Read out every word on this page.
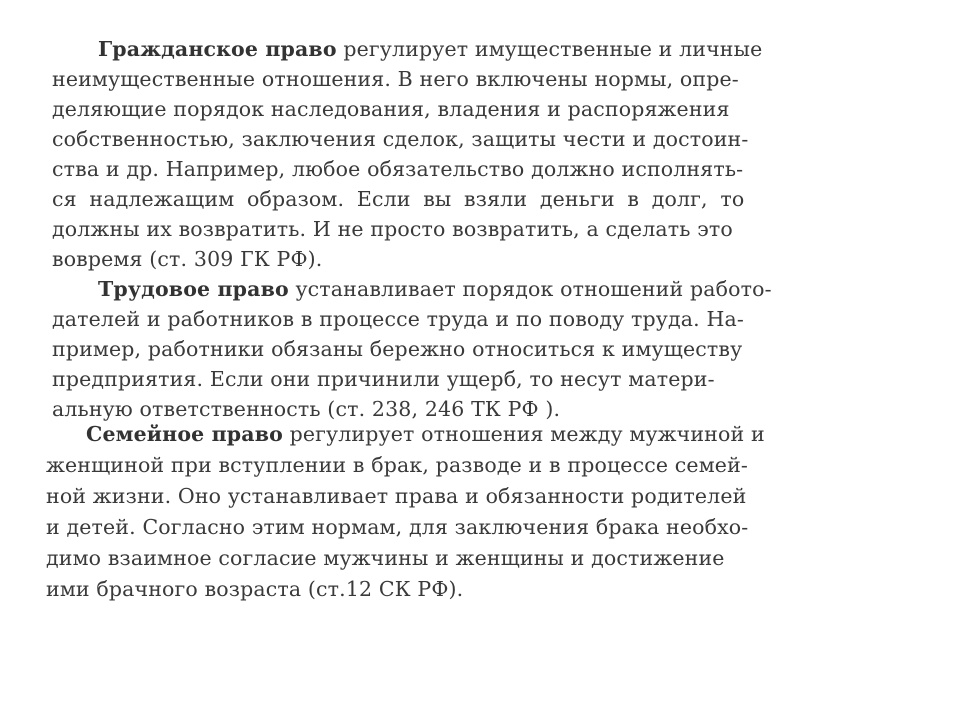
Гражданское право регулирует имущественные и личные
неимущественные отношения. В него включены нормы, опре-
деляющие порядок наследования, владения и распоряжения
собственностью, заключения сделок, защиты чести и достоин-
ства и др. Например, любое обязательство должно исполнять-
ся надлежащим образом. Если вы взяли деньги в долг, то
должны их возвратить. И не просто возвратить, а сделать это
вовремя (ст. 309 ГК РФ).
Трудовое право устанавливает порядок отношений работо-
дателей и работников в процессе труда и по поводу труда. На-
пример, работники обязаны бережно относиться к имуществу
предприятия. Если они причинили ущерб, то несут матери-
альную ответственность (ст. 238, 246 ТК РФ ).
Семейное право регулирует отношения между мужчиной и
женщиной при вступлении в брак, разводе и в процессе семей-
ной жизни. Оно устанавливает права и обязанности родителей
и детей. Согласно этим нормам, для заключения брака необхо-
димо взаимное согласие мужчины и женщины и достижение
ими брачного возраста (ст.12 СК РФ).
